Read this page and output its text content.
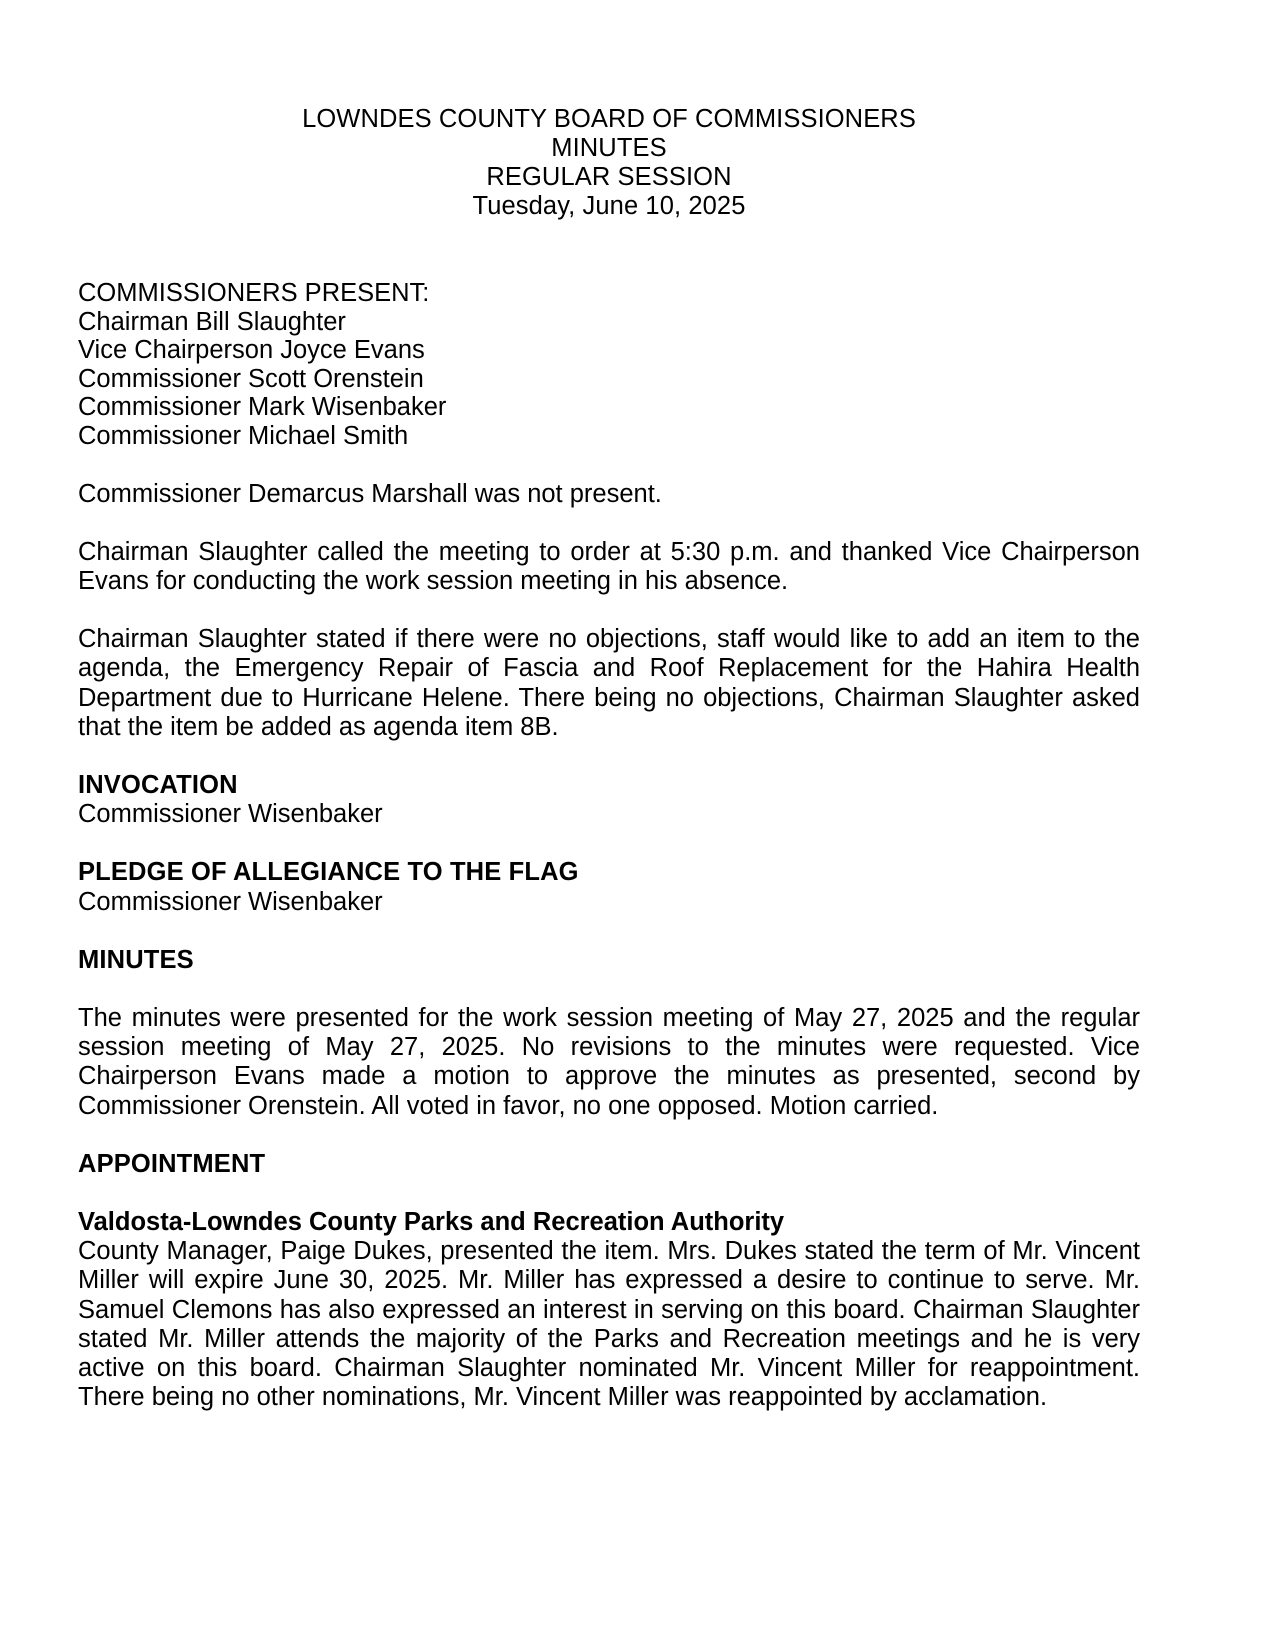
LOWNDES COUNTY BOARD OF COMMISSIONERS
MINUTES
REGULAR SESSION
Tuesday, June 10, 2025
COMMISSIONERS PRESENT:
Chairman Bill Slaughter
Vice Chairperson Joyce Evans
Commissioner Scott Orenstein
Commissioner Mark Wisenbaker
Commissioner Michael Smith

Commissioner Demarcus Marshall was not present.

Chairman Slaughter called the meeting to order at 5:30 p.m. and thanked Vice Chairperson Evans for conducting the work session meeting in his absence.

Chairman Slaughter stated if there were no objections, staff would like to add an item to the agenda, the Emergency Repair of Fascia and Roof Replacement for the Hahira Health Department due to Hurricane Helene. There being no objections, Chairman Slaughter asked that the item be added as agenda item 8B.

INVOCATION

Commissioner Wisenbaker

PLEDGE OF ALLEGIANCE TO THE FLAG

Commissioner Wisenbaker

MINUTES

The minutes were presented for the work session meeting of May 27, 2025 and the regular session meeting of May 27, 2025. No revisions to the minutes were requested. Vice Chairperson Evans made a motion to approve the minutes as presented, second by Commissioner Orenstein. All voted in favor, no one opposed. Motion carried.

APPOINTMENT
Valdosta-Lowndes County Parks and Recreation Authority

County Manager, Paige Dukes, presented the item. Mrs. Dukes stated the term of Mr. Vincent Miller will expire June 30, 2025. Mr. Miller has expressed a desire to continue to serve. Mr. Samuel Clemons has also expressed an interest in serving on this board. Chairman Slaughter stated Mr. Miller attends the majority of the Parks and Recreation meetings and he is very active on this board. Chairman Slaughter nominated Mr. Vincent Miller for reappointment. There being no other nominations, Mr. Vincent Miller was reappointed by acclamation.
